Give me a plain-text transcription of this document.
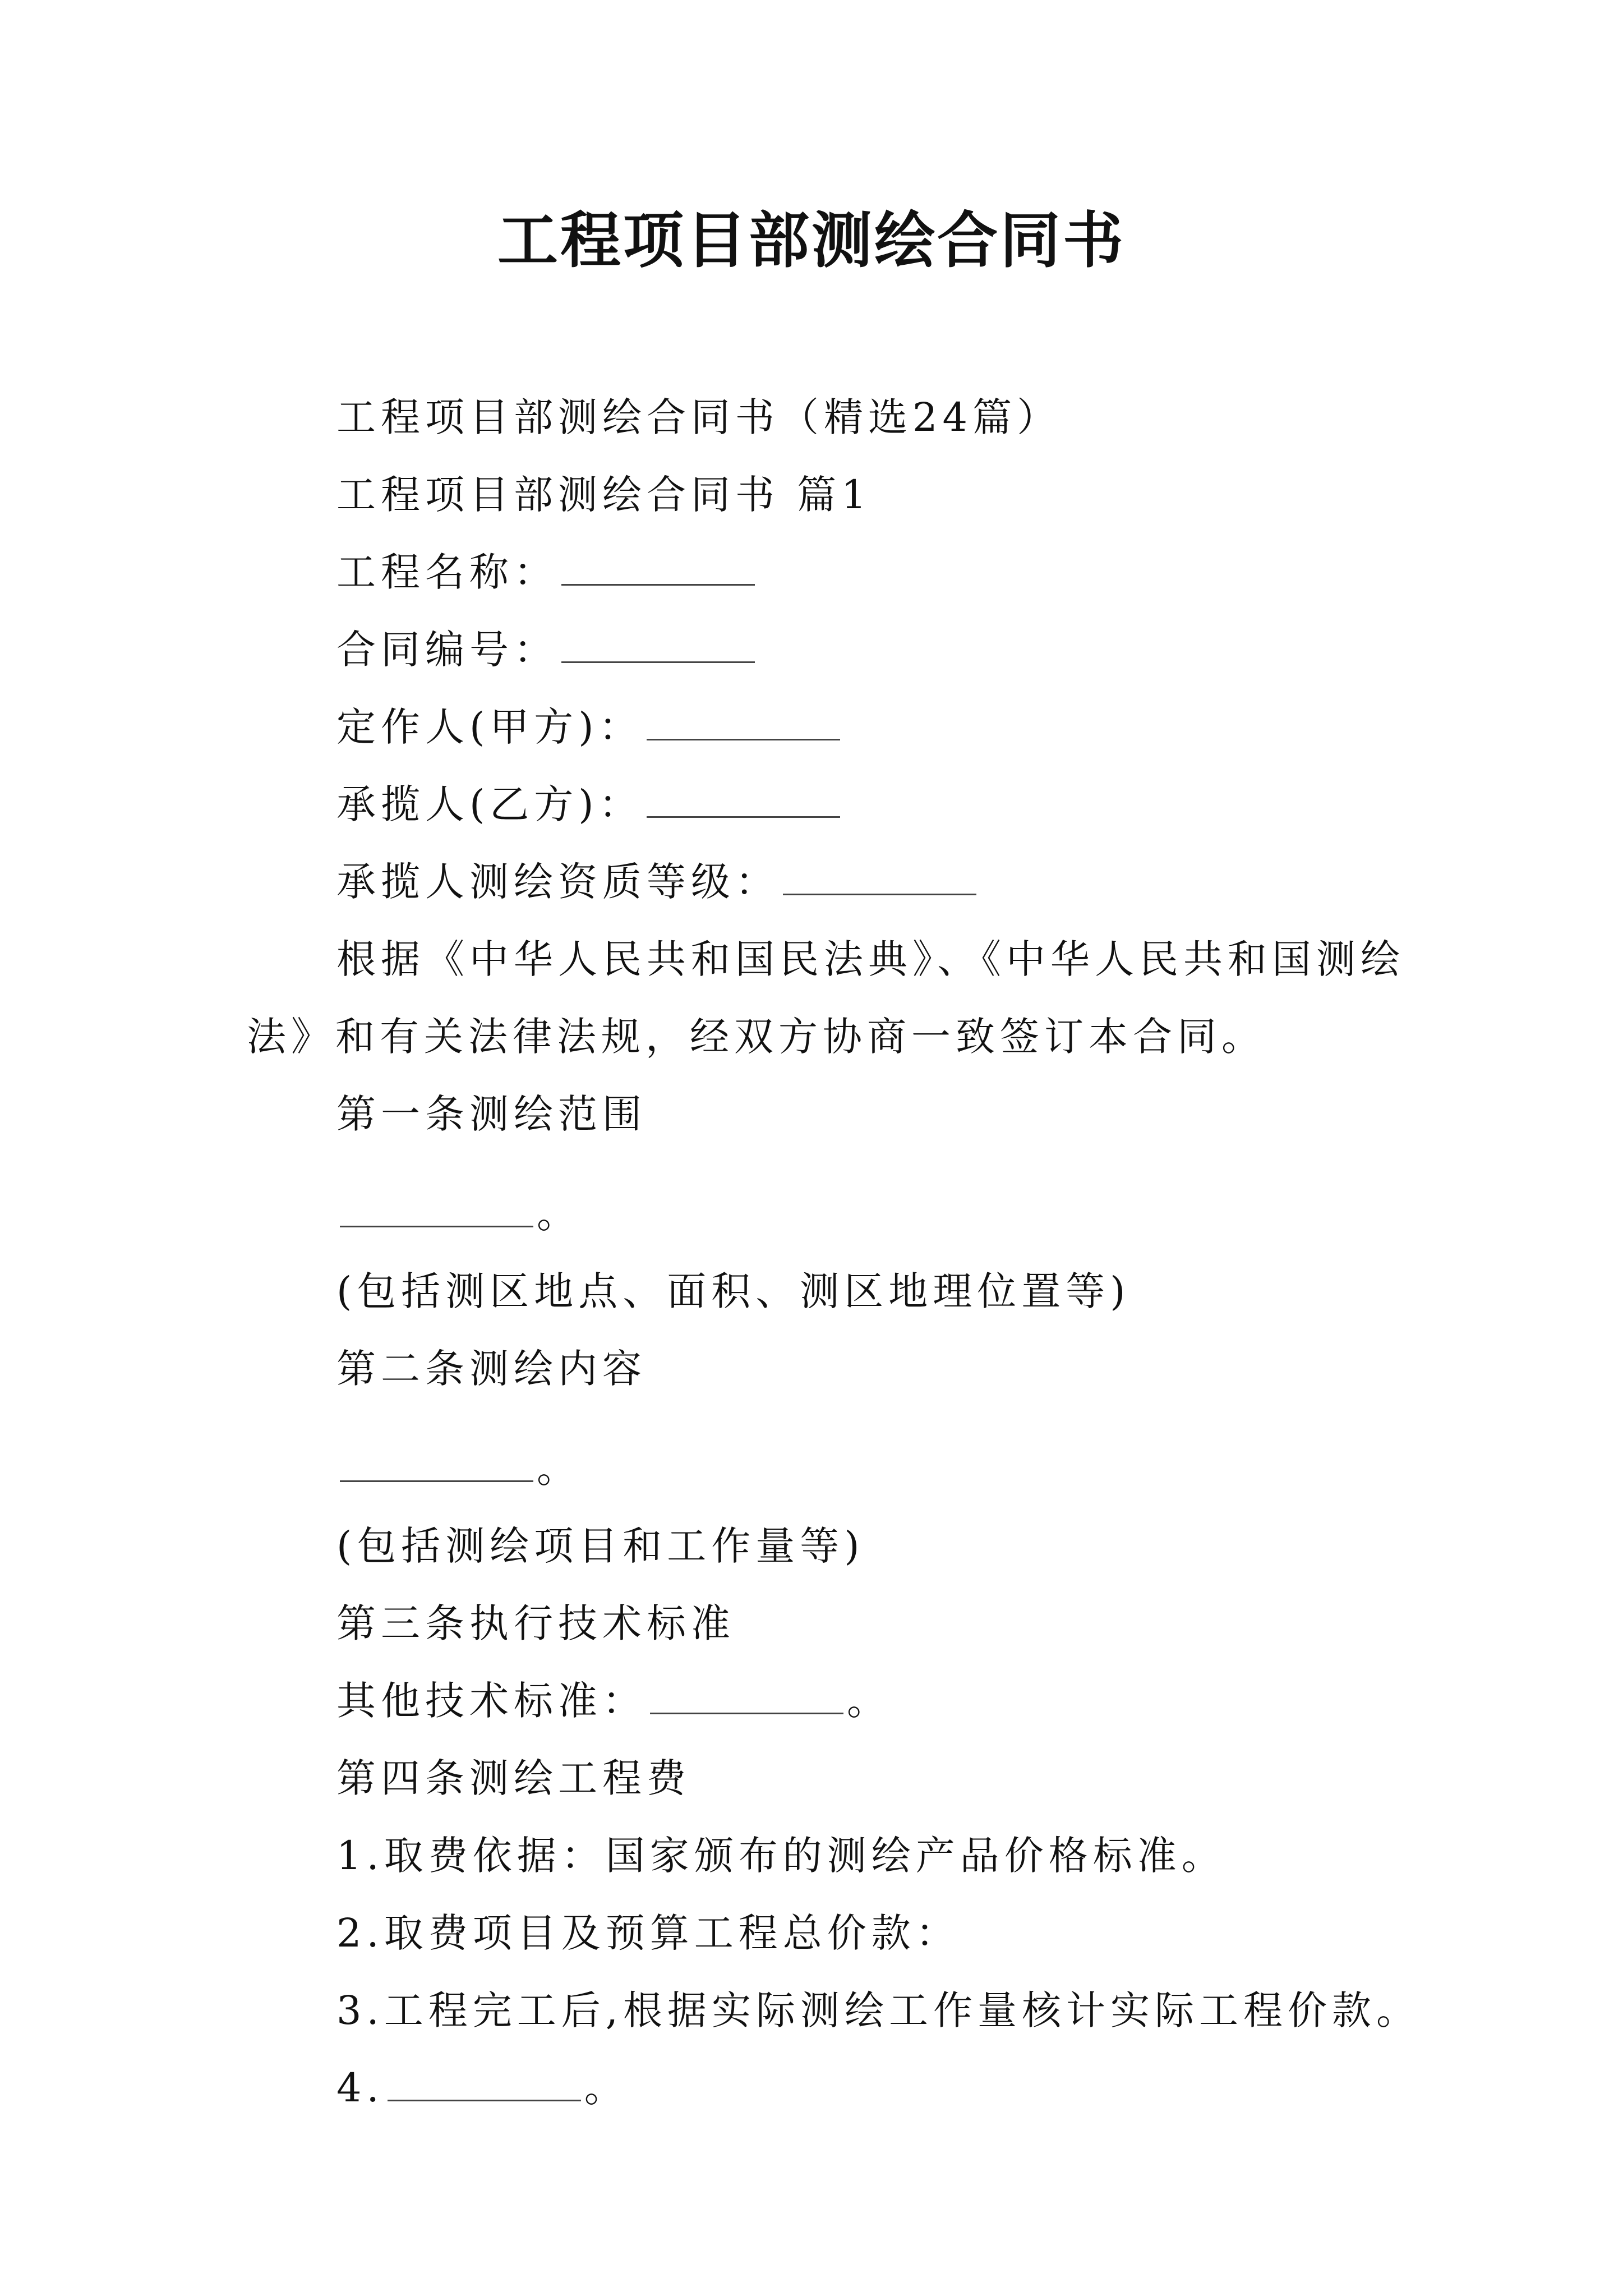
工程项目部测绘合同书
工程项目部测绘合同书（精选24篇）
工程项目部测绘合同书 篇1
工程名称：
合同编号：
定作人(甲方)：
承揽人(乙方)：
承揽人测绘资质等级：
根据《中华人民共和国民法典》、《中华人民共和国测绘
法》和有关法律法规，经双方协商一致签订本合同。
第一条测绘范围
。
(包括测区地点、面积、测区地理位置等)
第二条测绘内容
。
(包括测绘项目和工作量等)
第三条执行技术标准
其他技术标准：	。
第四条测绘工程费
1.取费依据：国家颁布的测绘产品价格标准。
2.取费项目及预算工程总价款：
3.工程完工后,根据实际测绘工作量核计实际工程价款。
4.	。
